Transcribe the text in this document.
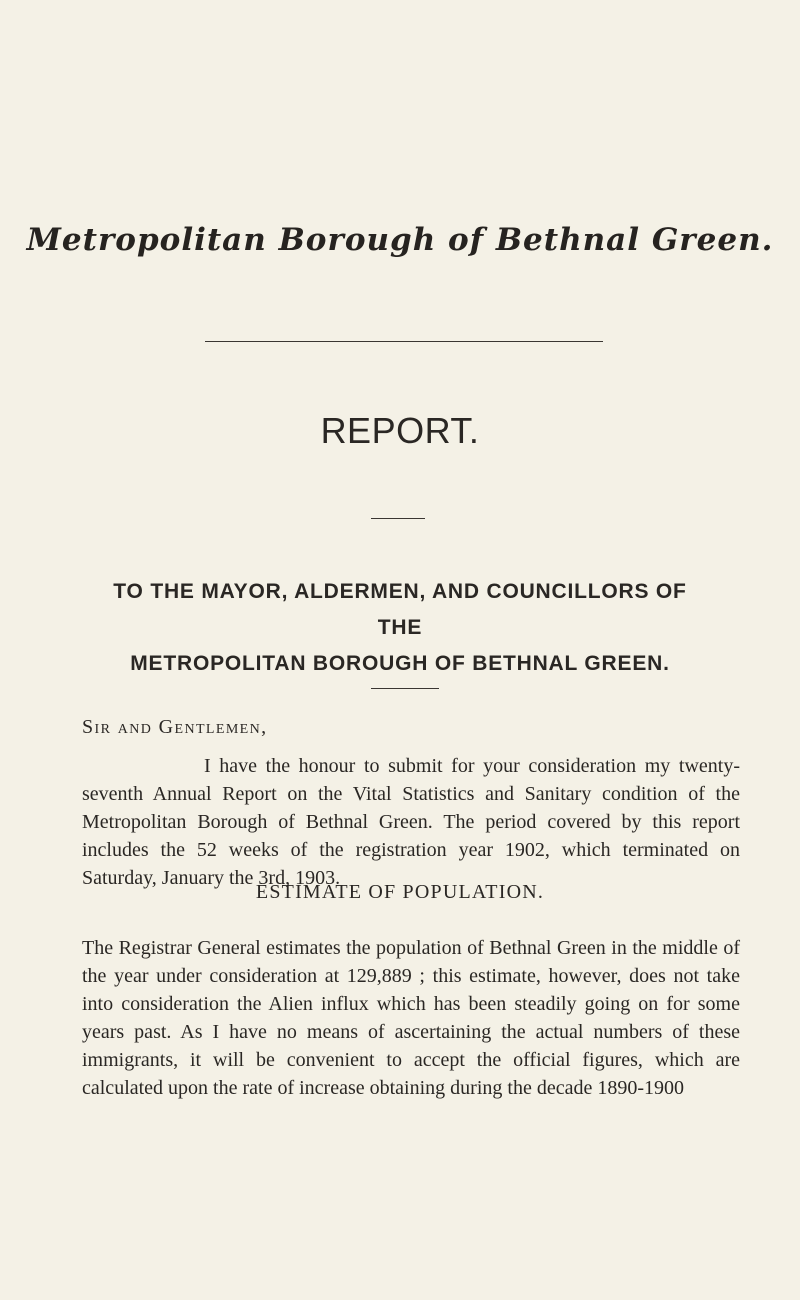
Metropolitan Borough of Bethnal Green.
REPORT.
TO THE MAYOR, ALDERMEN, AND COUNCILLORS OF THE
METROPOLITAN BOROUGH OF BETHNAL GREEN.
Sir and Gentlemen,
I have the honour to submit for your consideration my twenty-seventh Annual Report on the Vital Statistics and Sanitary condition of the Metropolitan Borough of Bethnal Green. The period covered by this report includes the 52 weeks of the registration year 1902, which terminated on Saturday, January the 3rd, 1903.
ESTIMATE OF POPULATION.
The Registrar General estimates the population of Bethnal Green in the middle of the year under consideration at 129,889 ; this estimate, however, does not take into consideration the Alien influx which has been steadily going on for some years past. As I have no means of ascertaining the actual numbers of these immigrants, it will be convenient to accept the official figures, which are calculated upon the rate of increase obtaining during the decade 1890-1900
